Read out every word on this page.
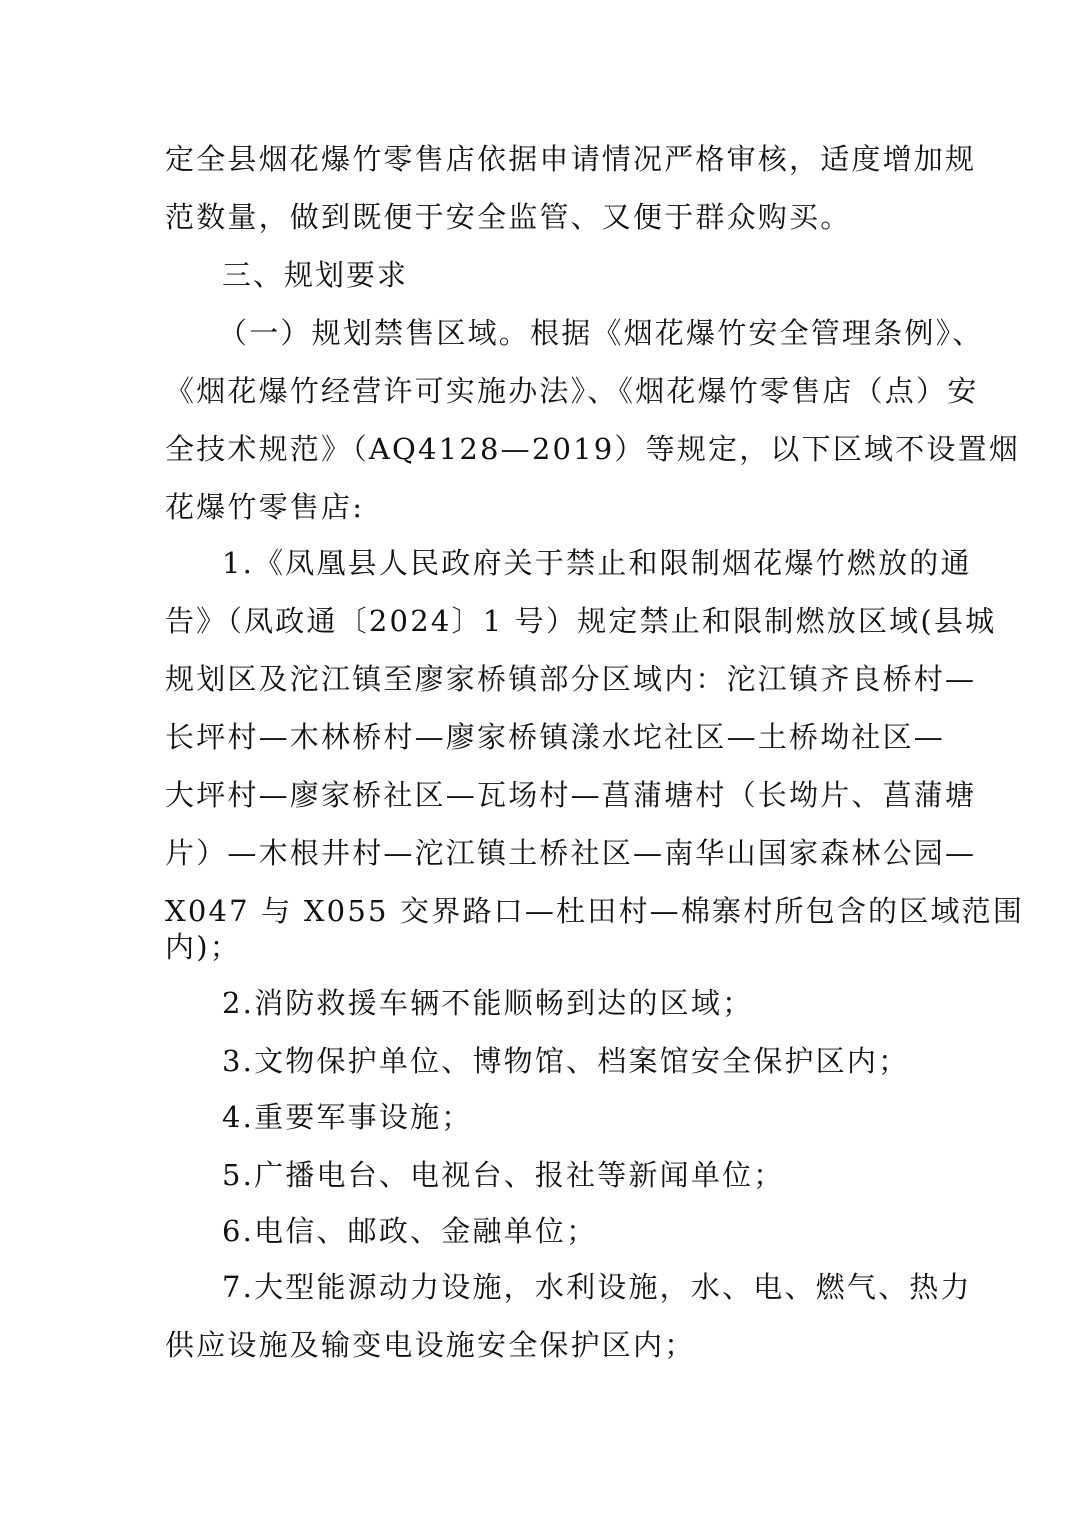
定全县烟花爆竹零售店依据申请情况严格审核，适度增加规
范数量，做到既便于安全监管、又便于群众购买。
三、规划要求
（一）规划禁售区域。根据《烟花爆竹安全管理条例》、
《烟花爆竹经营许可实施办法》、《烟花爆竹零售店（点）安
全技术规范》（AQ4128—2019）等规定，以下区域不设置烟
花爆竹零售店:
1.《凤凰县人民政府关于禁止和限制烟花爆竹燃放的通
告》（凤政通〔2024〕1 号）规定禁止和限制燃放区域(县城
规划区及沱江镇至廖家桥镇部分区域内：沱江镇齐良桥村—
长坪村—木林桥村—廖家桥镇漾水坨社区—土桥坳社区—
大坪村—廖家桥社区—瓦场村—菖蒲塘村（长坳片、菖蒲塘
片）—木根井村—沱江镇土桥社区—南华山国家森林公园—
X047 与 X055 交界路口—杜田村—棉寨村所包含的区域范围
内)；
2.消防救援车辆不能顺畅到达的区域；
3.文物保护单位、博物馆、档案馆安全保护区内；
4.重要军事设施；
5.广播电台、电视台、报社等新闻单位；
6.电信、邮政、金融单位；
7.大型能源动力设施，水利设施，水、电、燃气、热力
供应设施及输变电设施安全保护区内；
